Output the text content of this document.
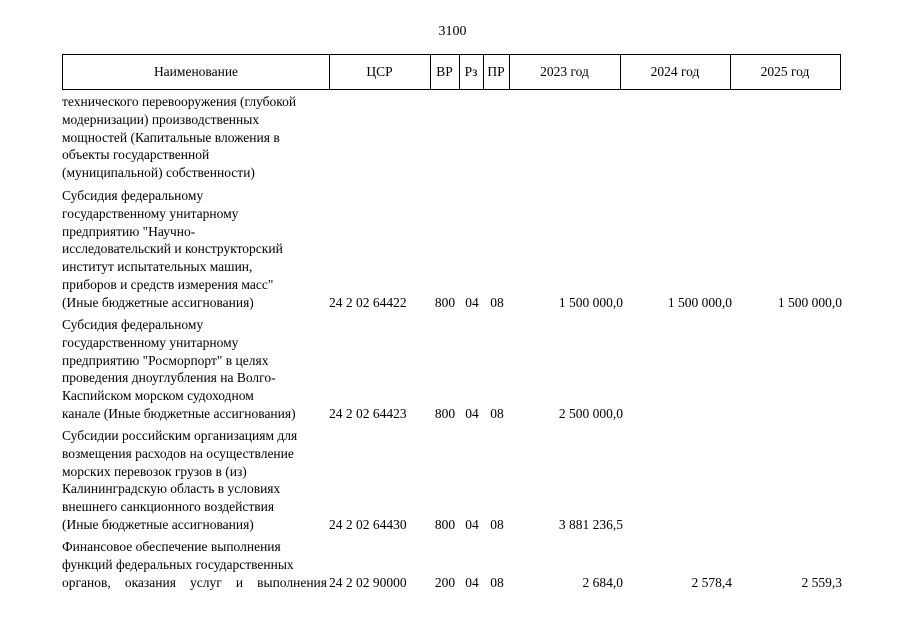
3100
Наименование	ЦСР	ВР Рз ПР	2023 год	2024 год	2025 год
технического перевооружения (глубокой
модернизации) производственных
мощностей (Капитальные вложения в
объекты государственной
(муниципальной) собственности)
Субсидия федеральному
государственному унитарному
предприятию "Научно-
исследовательский и конструкторский
институт испытательных машин,
приборов и средств измерения масс"
(Иные бюджетные ассигнования)	24 2 02 64422	800 04 08	1 500 000,0	1 500 000,0	1 500 000,0
Субсидия федеральному
государственному унитарному
предприятию "Росморпорт" в целях
проведения дноуглубления на Волго-
Каспийском морском судоходном
канале (Иные бюджетные ассигнования)	24 2 02 64423	800 04 08	2 500 000,0
Субсидии российским организациям для
возмещения расходов на осуществление
морских перевозок грузов в (из)
Калининградскую область в условиях
внешнего санкционного воздействия
(Иные бюджетные ассигнования)	24 2 02 64430	800 04 08	3 881 236,5
Финансовое обеспечение выполнения
функций федеральных государственных
органов, оказания услуг и выполнения 24 2 02 90000	200 04 08	2 684,0	2 578,4	2 559,3
